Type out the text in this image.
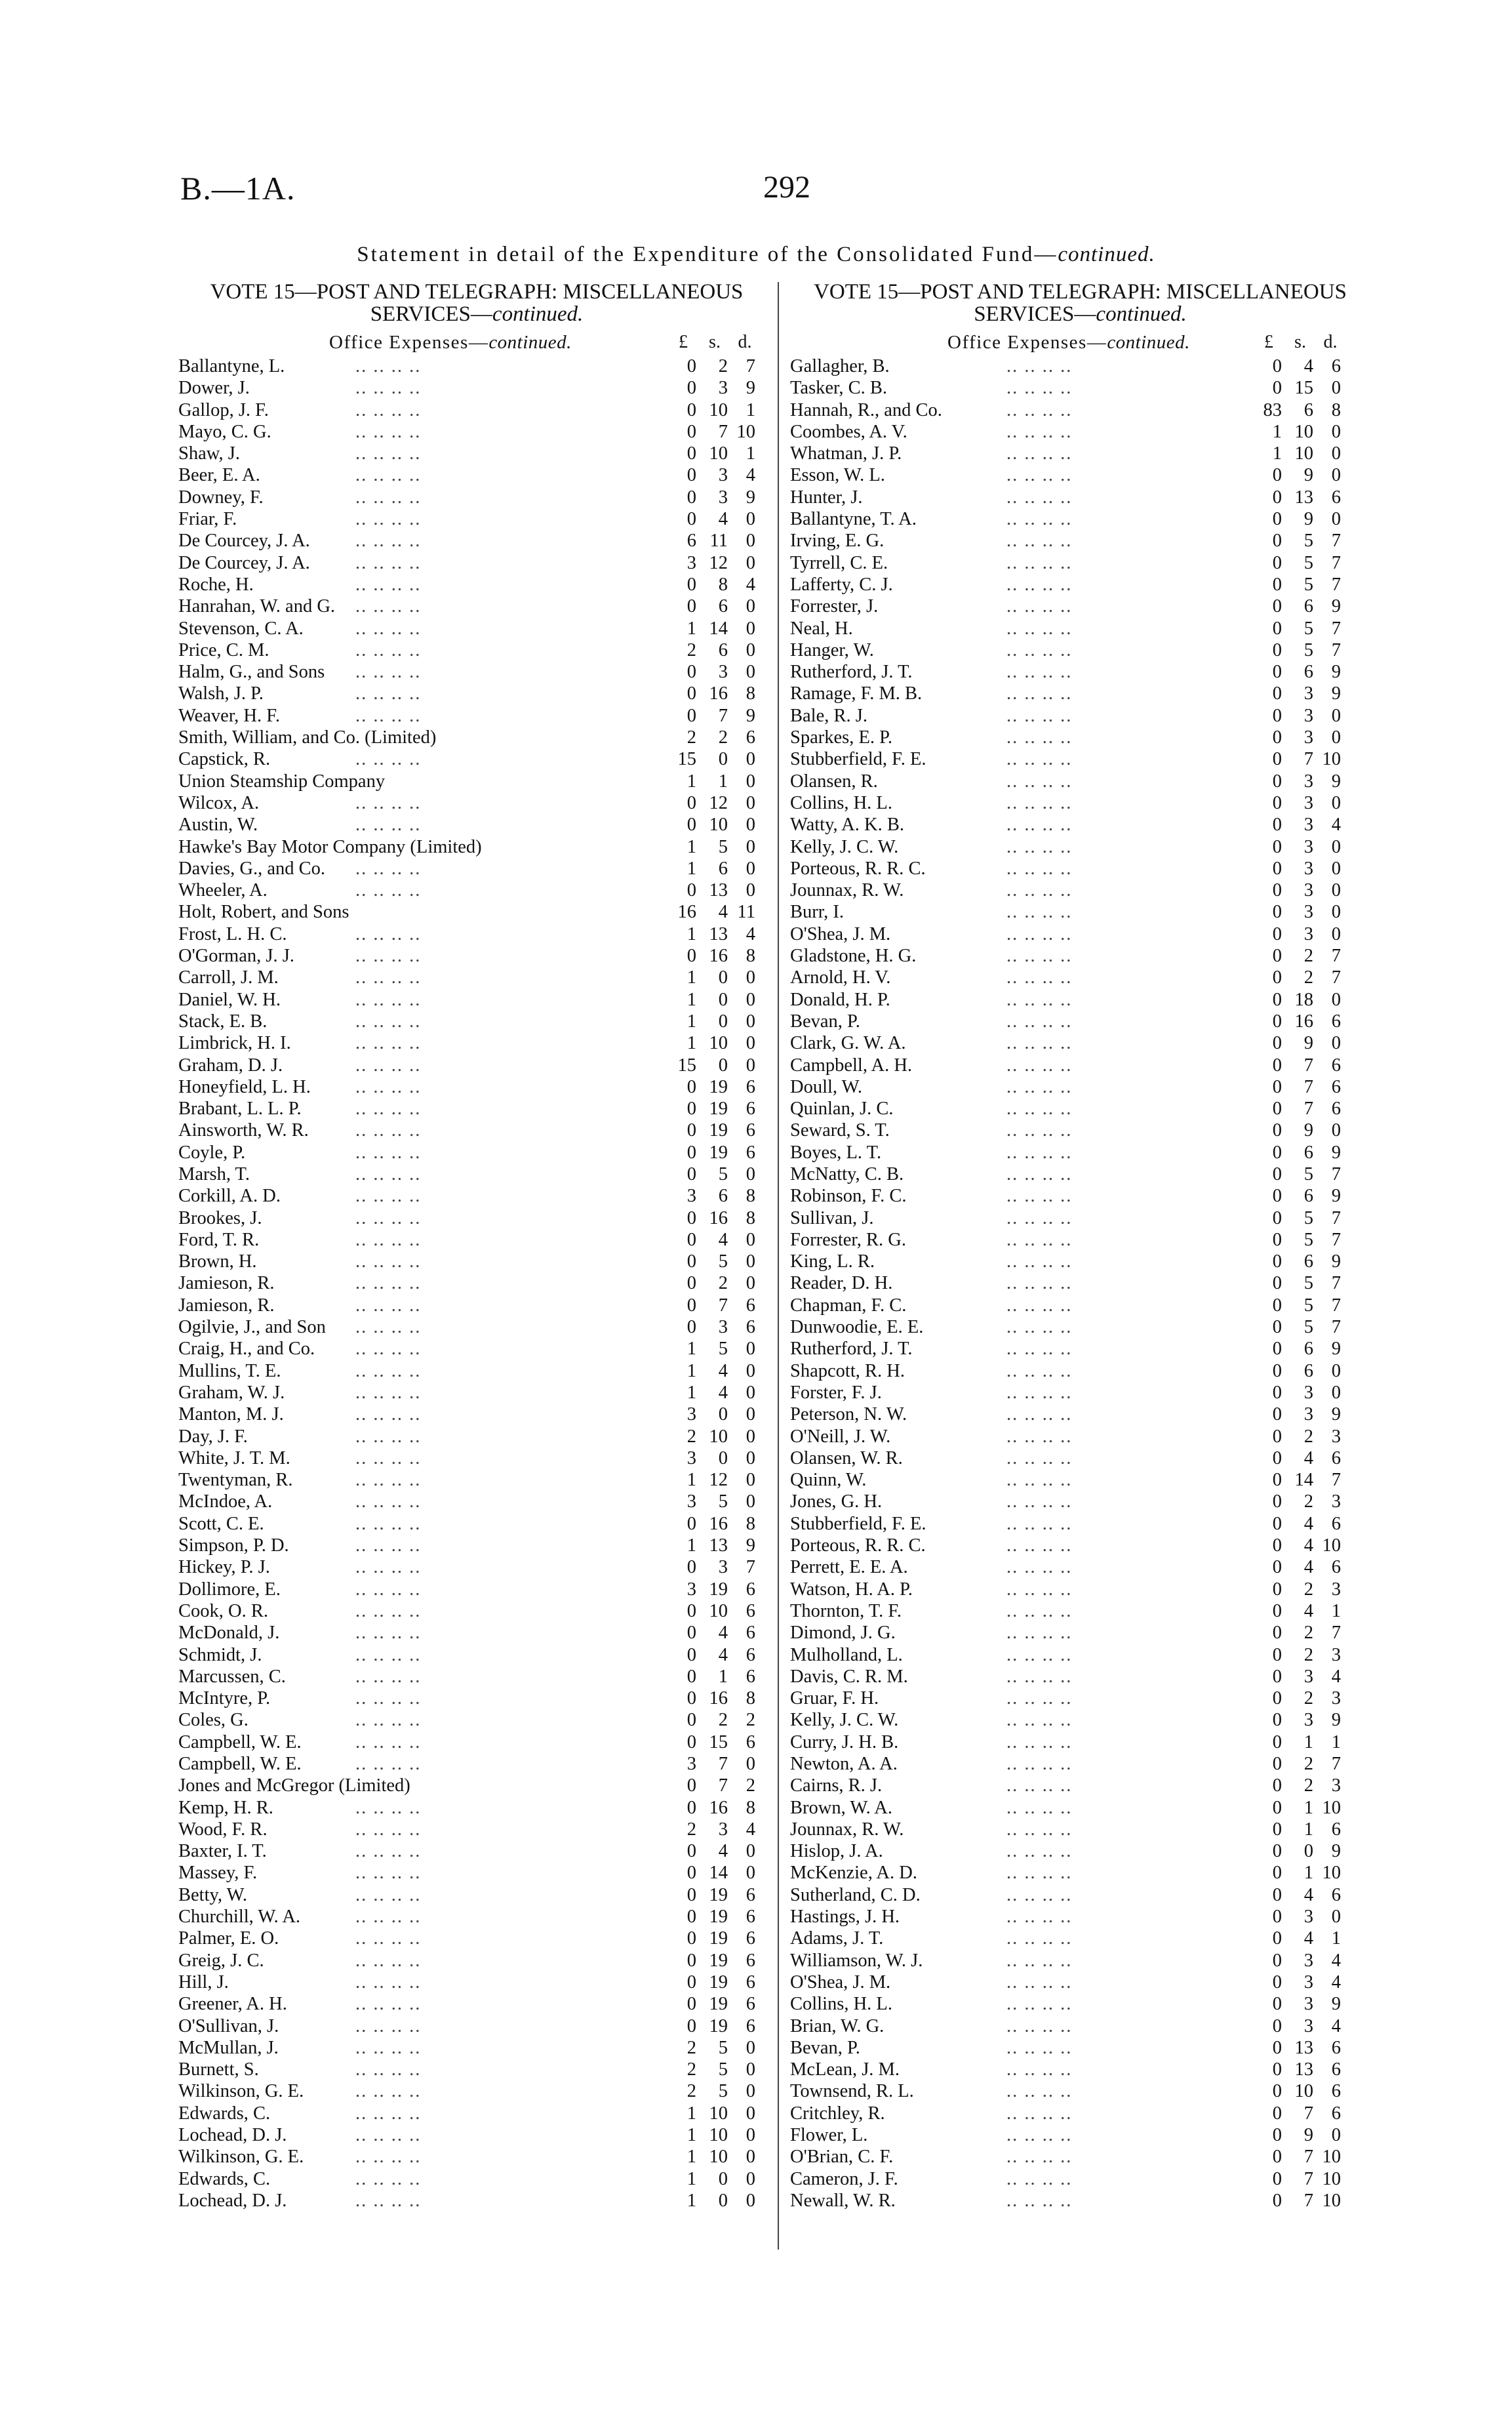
B.—1A.	292
Statement in detail of the Expenditure of the Consolidated Fund—continued.
VOTE 15—POST AND TELEGRAPH: MISCELLANEOUS
SERVICES—continued.
Office Expenses—continued.	£	s. d.
Ballantyne, L.	.. .. .. ..	0	2 7
Dower, J.	.. .. .. ..	0	3 9
Gallop, J. F.	.. .. .. ..	0 10 1
Mayo, C. G.	.. .. .. ..	0	7 10
Shaw, J.	.. .. .. ..	0 10 1
Beer, E. A.	.. .. .. ..	0	3 4
Downey, F.	.. .. .. ..	0	3 9
Friar, F.	.. .. .. ..	0	4 0
De Courcey, J. A. .. .. .. ..	6 11 0
De Courcey, J. A. .. .. .. ..	3 12 0
Roche, H.	.. .. .. ..	0	8 4
Hanrahan, W. and G. .. .. .. ..	0	6 0
Stevenson, C. A.	.. .. .. ..	1 14 0
Price, C. M.	.. .. .. ..	2	6 0
Halm, G., and Sons .. .. .. ..	0	3 0
Walsh, J. P.	.. .. .. ..	0 16 8
Weaver, H. F.	.. .. .. ..	0	7 9
Smith, William, and Co. (Limited)	2	2 6
Capstick, R.	.. .. .. ..	15	0 0
Union Steamship Company	1	1 0
Wilcox, A.	.. .. .. ..	0 12 0
Austin, W.	.. .. .. ..	0 10 0
Hawke's Bay Motor Company (Limited)	1	5 0
Davies, G., and Co. .. .. .. ..	1	6 0
Wheeler, A.	.. .. .. ..	0 13 0
Holt, Robert, and Sons	16	4 11
Frost, L. H. C.	.. .. .. ..	1 13 4
O'Gorman, J. J.	.. .. .. ..	0 16 8
Carroll, J. M.	.. .. .. ..	1	0 0
Daniel, W. H.	.. .. .. ..	1	0 0
Stack, E. B.	.. .. .. ..	1	0 0
Limbrick, H. I.	.. .. .. ..	1 10 0
Graham, D. J.	.. .. .. ..	15	0 0
Honeyfield, L. H. .. .. .. ..	0 19 6
Brabant, L. L. P.	.. .. .. ..	0 19 6
Ainsworth, W. R.	.. .. .. ..	0 19 6
Coyle, P.	.. .. .. ..	0 19 6
Marsh, T.	.. .. .. ..	0	5 0
Corkill, A. D.	.. .. .. ..	3	6 8
Brookes, J.	.. .. .. ..	0 16 8
Ford, T. R.	.. .. .. ..	0	4 0
Brown, H.	.. .. .. ..	0	5 0
Jamieson, R.	.. .. .. ..	0	2 0
Jamieson, R.	.. .. .. ..	0	7 6
Ogilvie, J., and Son .. .. .. ..	0	3 6
Craig, H., and Co. .. .. .. ..	1	5 0
Mullins, T. E.	.. .. .. ..	1	4 0
Graham, W. J.	.. .. .. ..	1	4 0
Manton, M. J.	.. .. .. ..	3	0 0
Day, J. F.	.. .. .. ..	2 10 0
White, J. T. M.	.. .. .. ..	3	0 0
Twentyman, R.	.. .. .. ..	1 12 0
McIndoe, A.	.. .. .. ..	3	5 0
Scott, C. E.	.. .. .. ..	0 16 8
Simpson, P. D.	.. .. .. ..	1 13 9
Hickey, P. J.	.. .. .. ..	0	3 7
Dollimore, E.	.. .. .. ..	3 19 6
Cook, O. R.	.. .. .. ..	0 10 6
McDonald, J.	.. .. .. ..	0	4 6
Schmidt, J.	.. .. .. ..	0	4 6
Marcussen, C.	.. .. .. ..	0	1 6
McIntyre, P.	.. .. .. ..	0 16 8
Coles, G.	.. .. .. ..	0	2 2
Campbell, W. E.	.. .. .. ..	0 15 6
Campbell, W. E.	.. .. .. ..	3	7 0
Jones and McGregor (Limited)	0	7 2
Kemp, H. R.	.. .. .. ..	0 16 8
Wood, F. R.	.. .. .. ..	2	3 4
Baxter, I. T.	.. .. .. ..	0	4 0
Massey, F.	.. .. .. ..	0 14 0
Betty, W.	.. .. .. ..	0 19 6
Churchill, W. A.	.. .. .. ..	0 19 6
Palmer, E. O.	.. .. .. ..	0 19 6
Greig, J. C.	.. .. .. ..	0 19 6
Hill, J.	.. .. .. ..	0 19 6
Greener, A. H.	.. .. .. ..	0 19 6
O'Sullivan, J.	.. .. .. ..	0 19 6
McMullan, J.	.. .. .. ..	2	5 0
Burnett, S.	.. .. .. ..	2	5 0
Wilkinson, G. E.	.. .. .. ..	2	5 0
Edwards, C.	.. .. .. ..	1 10 0
Lochead, D. J.	.. .. .. ..	1 10 0
Wilkinson, G. E.	.. .. .. ..	1 10 0
Edwards, C.	.. .. .. ..	1	0 0
Lochead, D. J.	.. .. .. ..	1	0 0
VOTE 15—POST AND TELEGRAPH: MISCELLANEOUS
SERVICES—continued.
Office Expenses—continued.	£	s. d.
Gallagher, B.	.. .. .. ..	0	4 6
Tasker, C. B.	.. .. .. ..	0 15 0
Hannah, R., and Co.	.. .. .. ..	83	6 8
Coombes, A. V.	.. .. .. ..	1 10 0
Whatman, J. P.	.. .. .. ..	1 10 0
Esson, W. L.	.. .. .. ..	0	9 0
Hunter, J.	.. .. .. ..	0 13 6
Ballantyne, T. A.	.. .. .. ..	0	9 0
Irving, E. G.	.. .. .. ..	0	5 7
Tyrrell, C. E.	.. .. .. ..	0	5 7
Lafferty, C. J.	.. .. .. ..	0	5 7
Forrester, J.	.. .. .. ..	0	6 9
Neal, H.	.. .. .. ..	0	5 7
Hanger, W.	.. .. .. ..	0	5 7
Rutherford, J. T.	.. .. .. ..	0	6 9
Ramage, F. M. B.	.. .. .. ..	0	3 9
Bale, R. J.	.. .. .. ..	0	3 0
Sparkes, E. P.	.. .. .. ..	0	3 0
Stubberfield, F. E.	.. .. .. ..	0	7 10
Olansen, R.	.. .. .. ..	0	3 9
Collins, H. L.	.. .. .. ..	0	3 0
Watty, A. K. B.	.. .. .. ..	0	3 4
Kelly, J. C. W.	.. .. .. ..	0	3 0
Porteous, R. R. C.	.. .. .. ..	0	3 0
Jounnax, R. W.	.. .. .. ..	0	3 0
Burr, I.	.. .. .. ..	0	3 0
O'Shea, J. M.	.. .. .. ..	0	3 0
Gladstone, H. G.	.. .. .. ..	0	2 7
Arnold, H. V.	.. .. .. ..	0	2 7
Donald, H. P.	.. .. .. ..	0 18 0
Bevan, P.	.. .. .. ..	0 16 6
Clark, G. W. A.	.. .. .. ..	0	9 0
Campbell, A. H.	.. .. .. ..	0	7 6
Doull, W.	.. .. .. ..	0	7 6
Quinlan, J. C.	.. .. .. ..	0	7 6
Seward, S. T.	.. .. .. ..	0	9 0
Boyes, L. T.	.. .. .. ..	0	6 9
McNatty, C. B.	.. .. .. ..	0	5 7
Robinson, F. C.	.. .. .. ..	0	6 9
Sullivan, J.	.. .. .. ..	0	5 7
Forrester, R. G.	.. .. .. ..	0	5 7
King, L. R.	.. .. .. ..	0	6 9
Reader, D. H.	.. .. .. ..	0	5 7
Chapman, F. C.	.. .. .. ..	0	5 7
Dunwoodie, E. E.	.. .. .. ..	0	5 7
Rutherford, J. T.	.. .. .. ..	0	6 9
Shapcott, R. H.	.. .. .. ..	0	6 0
Forster, F. J.	.. .. .. ..	0	3 0
Peterson, N. W.	.. .. .. ..	0	3 9
O'Neill, J. W.	.. .. .. ..	0	2 3
Olansen, W. R.	.. .. .. ..	0	4 6
Quinn, W.	.. .. .. ..	0 14 7
Jones, G. H.	.. .. .. ..	0	2 3
Stubberfield, F. E.	.. .. .. ..	0	4 6
Porteous, R. R. C.	.. .. .. ..	0	4 10
Perrett, E. E. A.	.. .. .. ..	0	4 6
Watson, H. A. P.	.. .. .. ..	0	2 3
Thornton, T. F.	.. .. .. ..	0	4 1
Dimond, J. G.	.. .. .. ..	0	2 7
Mulholland, L.	.. .. .. ..	0	2 3
Davis, C. R. M.	.. .. .. ..	0	3 4
Gruar, F. H.	.. .. .. ..	0	2 3
Kelly, J. C. W.	.. .. .. ..	0	3 9
Curry, J. H. B.	.. .. .. ..	0	1 1
Newton, A. A.	.. .. .. ..	0	2 7
Cairns, R. J.	.. .. .. ..	0	2 3
Brown, W. A.	.. .. .. ..	0	1 10
Jounnax, R. W.	.. .. .. ..	0	1 6
Hislop, J. A.	.. .. .. ..	0	0 9
McKenzie, A. D.	.. .. .. ..	0	1 10
Sutherland, C. D.	.. .. .. ..	0	4 6
Hastings, J. H.	.. .. .. ..	0	3 0
Adams, J. T.	.. .. .. ..	0	4 1
Williamson, W. J.	.. .. .. ..	0	3 4
O'Shea, J. M.	.. .. .. ..	0	3 4
Collins, H. L.	.. .. .. ..	0	3 9
Brian, W. G.	.. .. .. ..	0	3 4
Bevan, P.	.. .. .. ..	0 13 6
McLean, J. M.	.. .. .. ..	0 13 6
Townsend, R. L.	.. .. .. ..	0 10 6
Critchley, R.	.. .. .. ..	0	7 6
Flower, L.	.. .. .. ..	0	9 0
O'Brian, C. F.	.. .. .. ..	0	7 10
Cameron, J. F.	.. .. .. ..	0	7 10
Newall, W. R.	.. .. .. ..	0	7 10
